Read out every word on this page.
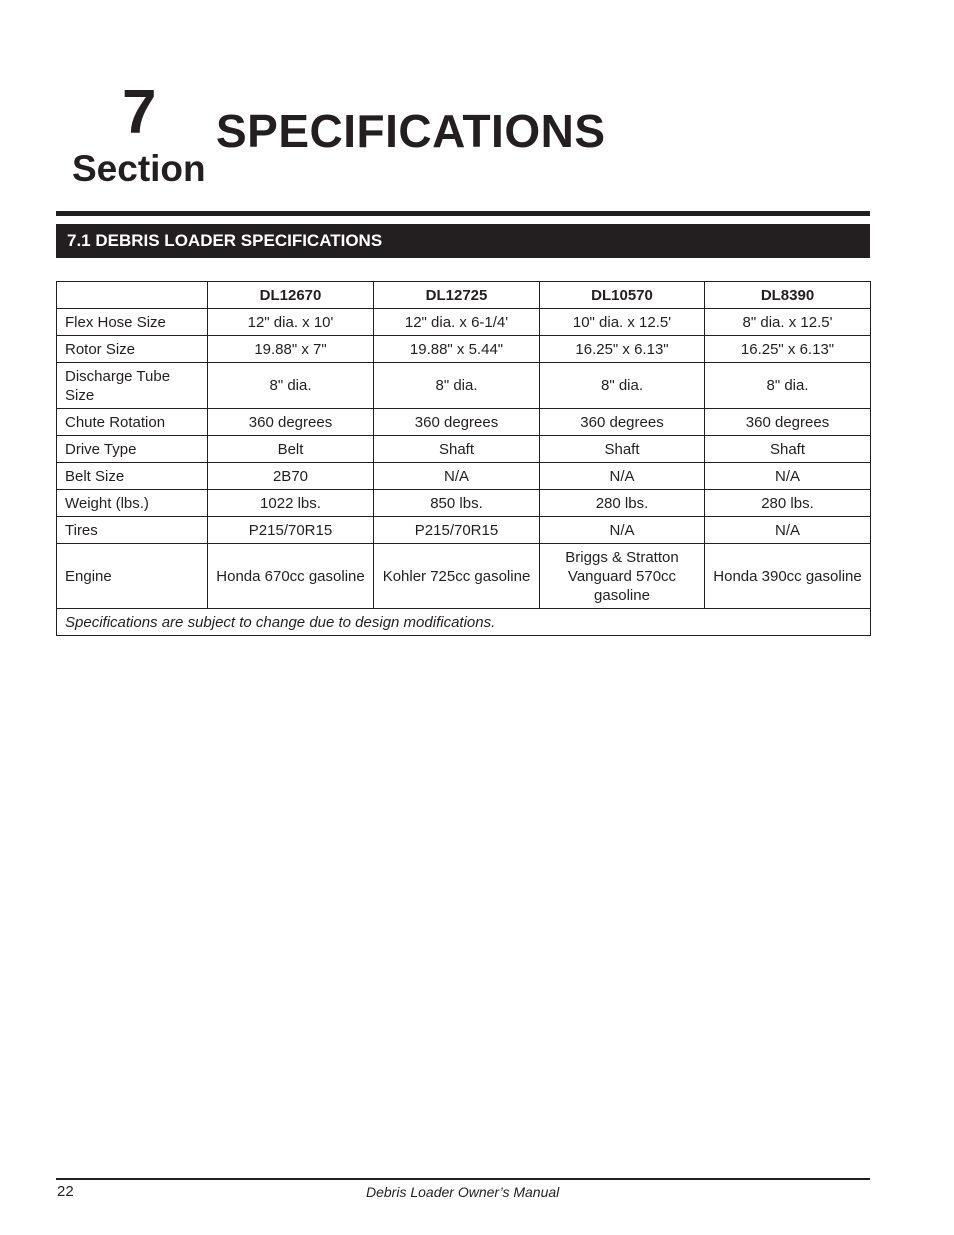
7
Section
SPECIFICATIONS
7.1 DEBRIS LOADER SPECIFICATIONS
	DL12670	DL12725	DL10570	DL8390
Flex Hose Size	12" dia. x 10'	12" dia. x 6-1/4'	10" dia. x 12.5'	8" dia. x 12.5'
Rotor Size	19.88" x 7"	19.88" x 5.44"	16.25" x 6.13"	16.25" x 6.13"
Discharge Tube Size	8" dia.	8" dia.	8" dia.	8" dia.
Chute Rotation	360 degrees	360 degrees	360 degrees	360 degrees
Drive Type	Belt	Shaft	Shaft	Shaft
Belt Size	2B70	N/A	N/A	N/A
Weight (lbs.)	1022 lbs.	850 lbs.	280 lbs.	280 lbs.
Tires	P215/70R15	P215/70R15	N/A	N/A
Engine	Honda 670cc gasoline	Kohler 725cc gasoline	Briggs & Stratton Vanguard 570cc gasoline	Honda 390cc gasoline
Specifications are subject to change due to design modifications.				
22	Debris Loader Owner’s Manual
